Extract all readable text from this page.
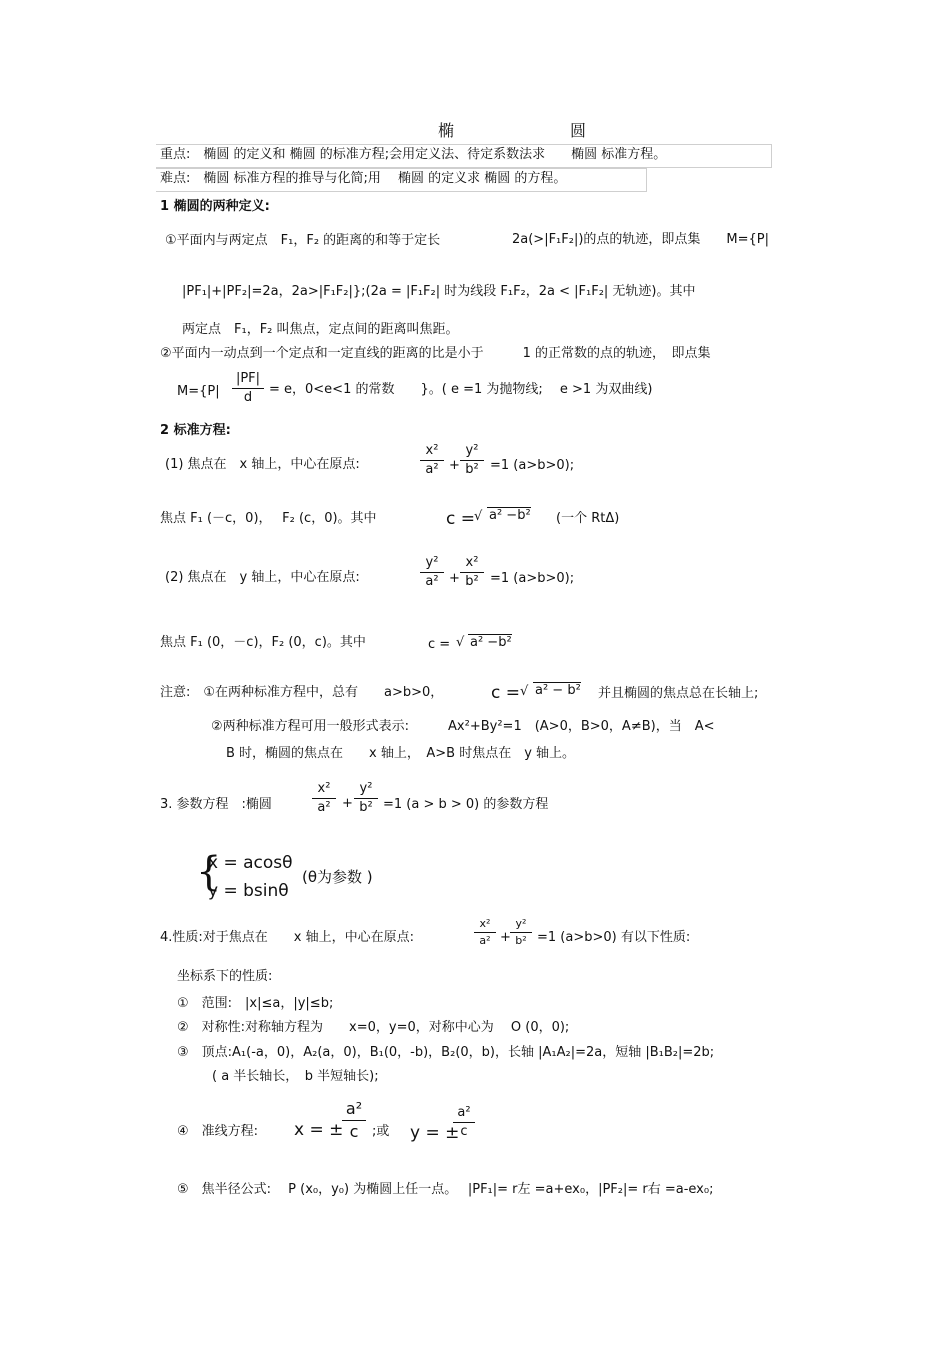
椭　　圆
重点:　椭圆 的定义和 椭圆 的标准方程;会用定义法、待定系数法求　　椭圆 标准方程。
难点:　椭圆 标准方程的推导与化简;用　 椭圆 的定义求 椭圆 的方程。
1 椭圆的两种定义:
①平面内与两定点　F₁，F₂ 的距离的和等于定长	2a(>|F₁F₂|)的点的轨迹，即点集　　M={P|
|PF₁|+|PF₂|=2a，2a>|F₁F₂|};(2a = |F₁F₂| 时为线段 F₁F₂，2a < |F₁F₂| 无轨迹)。其中
两定点　F₁，F₂ 叫焦点，定点间的距离叫焦距。
②平面内一动点到一个定点和一定直线的距离的比是小于　　　1 的正常数的点的轨迹，　即点集
M={P|
|PF|
d
= e，0<e<1 的常数　　}。( e =1 为抛物线;　 e >1 为双曲线)
2 标准方程:
(1) 焦点在　x 轴上，中心在原点:
x²
a² +
y²
b² =1 (a>b>0);
焦点 F₁ (－c，0)，　 F₂ (c，0)。其中	c = √ a² −b² (一个 RtΔ)
(2) 焦点在　y 轴上，中心在原点:
y²
a² +
x²
b² =1 (a>b>0);
焦点 F₁ (0，－c)，F₂ (0，c)。其中	c = √ a² −b²
注意:　①在两种标准方程中，总有　　a>b>0，	c = √ a² − b² 并且椭圆的焦点总在长轴上;
②两种标准方程可用一般形式表示:　　　Ax²+By²=1　(A>0，B>0，A≠B)，当　A<
B 时，椭圆的焦点在　　x 轴上，　A>B 时焦点在　y 轴上。
3. 参数方程　:椭圆
x²
a² +
y²
b² =1 (a > b > 0) 的参数方程
{
x = acosθ
y = bsinθ
(θ为参数 )
4.性质:对于焦点在　　x 轴上，中心在原点:
x²
a² +
y²
b² =1 (a>b>0) 有以下性质:
坐标系下的性质:
①　范围:　|x|≤a，|y|≤b;
②　对称性:对称轴方程为　　x=0，y=0，对称中心为　 O (0，0);
③　顶点:A₁(-a，0)，A₂(a，0)，B₁(0，-b)，B₂(0，b)，长轴 |A₁A₂|=2a，短轴 |B₁B₂|=2b;
( a 半长轴长，　b 半短轴长);
④　准线方程: x = ±
a²
c	;或 y = ±
a²
c
⑤　焦半径公式:　 P (x₀，y₀) 为椭圆上任一点。　 |PF₁|= r左 =a+ex₀，|PF₂|= r右 =a-ex₀;
